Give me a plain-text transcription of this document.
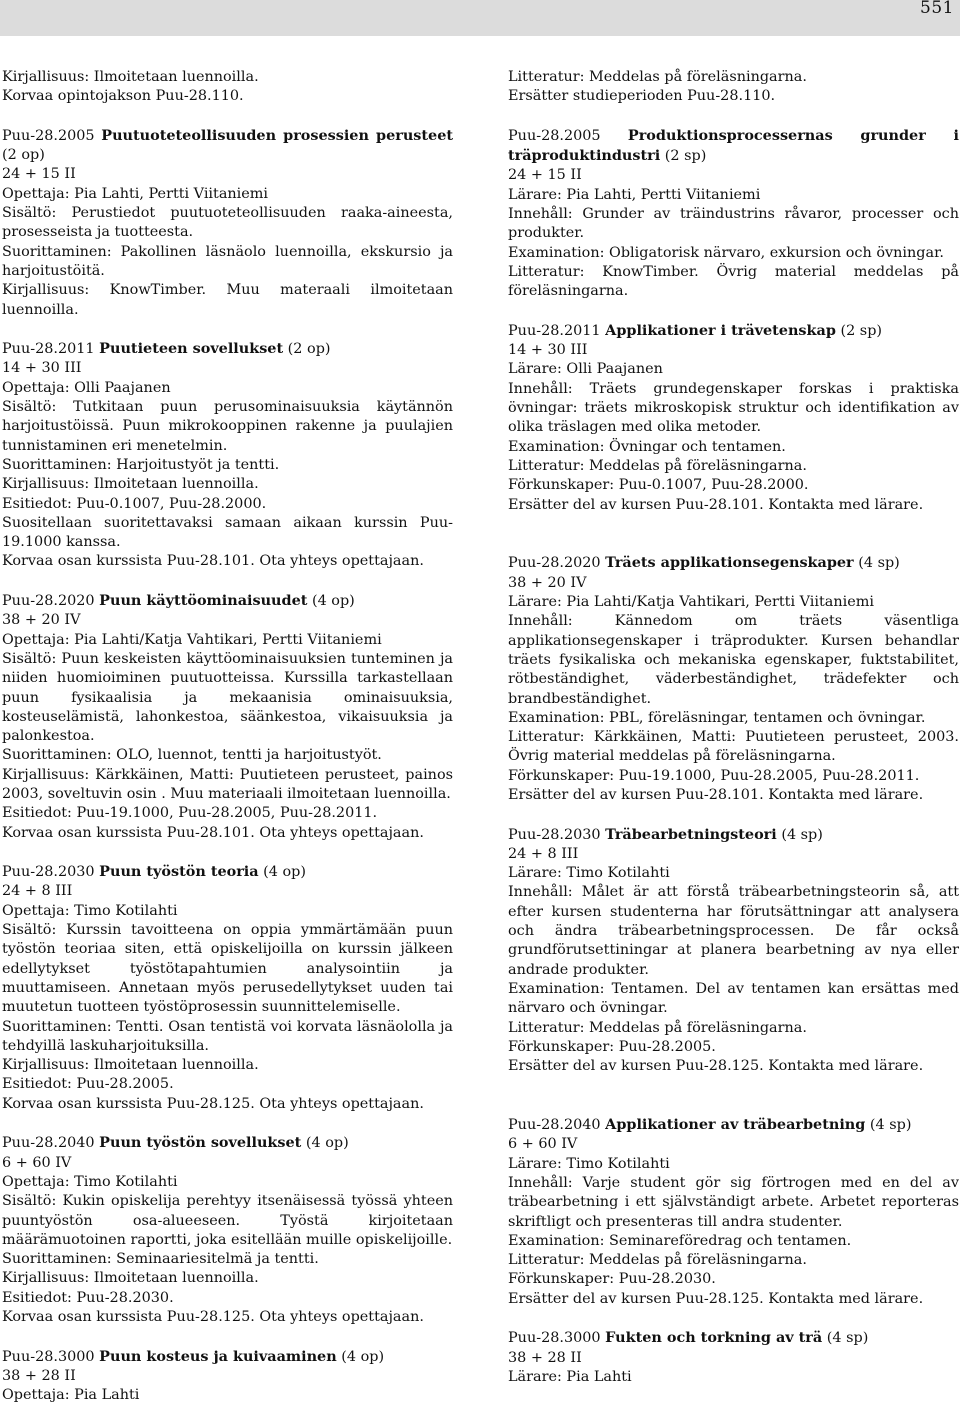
551
Kirjallisuus: Ilmoitetaan luennoilla.
Korvaa opintojakson Puu-28.110.
Puu-28.2005 Puutuoteteollisuuden prosessien perusteet (2 op)
24 + 15 II
Opettaja: Pia Lahti, Pertti Viitaniemi
Sisältö: Perustiedot puutuoteteollisuuden raaka-aineesta, prosesseista ja tuotteesta.
Suorittaminen: Pakollinen läsnäolo luennoilla, ekskursio ja harjoitustöitä.
Kirjallisuus: KnowTimber. Muu materaali ilmoitetaan luennoilla.
Puu-28.2011 Puutieteen sovellukset (2 op)
14 + 30 III
Opettaja: Olli Paajanen
Sisältö: Tutkitaan puun perusominaisuuksia käytännön harjoitustöissä. Puun mikrokooppinen rakenne ja puulajien tunnistaminen eri menetelmin.
Suorittaminen: Harjoitustyöt ja tentti.
Kirjallisuus: Ilmoitetaan luennoilla.
Esitiedot: Puu-0.1007, Puu-28.2000.
Suositellaan suoritettavaksi samaan aikaan kurssin Puu-19.1000 kanssa.
Korvaa osan kurssista Puu-28.101. Ota yhteys opettajaan.
Puu-28.2020 Puun käyttöominaisuudet (4 op)
38 + 20 IV
Opettaja: Pia Lahti/Katja Vahtikari, Pertti Viitaniemi
Sisältö: Puun keskeisten käyttöominaisuuksien tunteminen ja niiden huomioiminen puutuotteissa. Kurssilla tarkastellaan puun fysikaalisia ja mekaanisia ominaisuuksia, kosteuselämistä, lahonkestoa, säänkestoa, vikaisuuksia ja palonkestoa.
Suorittaminen: OLO, luennot, tentti ja harjoitustyöt.
Kirjallisuus: Kärkkäinen, Matti: Puutieteen perusteet, painos 2003, soveltuvin osin . Muu materiaali ilmoitetaan luennoilla.
Esitiedot: Puu-19.1000, Puu-28.2005, Puu-28.2011.
Korvaa osan kurssista Puu-28.101. Ota yhteys opettajaan.
Puu-28.2030 Puun työstön teoria (4 op)
24 + 8 III
Opettaja: Timo Kotilahti
Sisältö: Kurssin tavoitteena on oppia ymmärtämään puun työstön teoriaa siten, että opiskelijoilla on kurssin jälkeen edellytykset työstötapahtumien analysointiin ja muuttamiseen. Annetaan myös perusedellytykset uuden tai muutetun tuotteen työstöprosessin suunnittelemiselle.
Suorittaminen: Tentti. Osan tentistä voi korvata läsnäololla ja tehdyillä laskuharjoituksilla.
Kirjallisuus: Ilmoitetaan luennoilla.
Esitiedot: Puu-28.2005.
Korvaa osan kurssista Puu-28.125. Ota yhteys opettajaan.
Puu-28.2040 Puun työstön sovellukset (4 op)
6 + 60 IV
Opettaja: Timo Kotilahti
Sisältö: Kukin opiskelija perehtyy itsenäisessä työssä yhteen puuntyöstön osa-alueeseen. Työstä kirjoitetaan määrämuotoinen raportti, joka esitellään muille opiskelijoille.
Suorittaminen: Seminaariesitelmä ja tentti.
Kirjallisuus: Ilmoitetaan luennoilla.
Esitiedot: Puu-28.2030.
Korvaa osan kurssista Puu-28.125. Ota yhteys opettajaan.
Puu-28.3000 Puun kosteus ja kuivaaminen (4 op)
38 + 28 II
Opettaja: Pia Lahti
Litteratur: Meddelas på föreläsningarna.
Ersätter studieperioden Puu-28.110.
Puu-28.2005 Produktionsprocessernas grunder i träproduktindustri (2 sp)
24 + 15 II
Lärare: Pia Lahti, Pertti Viitaniemi
Innehåll: Grunder av träindustrins råvaror, processer och produkter.
Examination: Obligatorisk närvaro, exkursion och övningar.
Litteratur: KnowTimber. Övrig material meddelas på föreläsningarna.
Puu-28.2011 Applikationer i trävetenskap (2 sp)
14 + 30 III
Lärare: Olli Paajanen
Innehåll: Träets grundegenskaper forskas i praktiska övningar: träets mikroskopisk struktur och identifikation av olika träslagen med olika metoder.
Examination: Övningar och tentamen.
Litteratur: Meddelas på föreläsningarna.
Förkunskaper: Puu-0.1007, Puu-28.2000.
Ersätter del av kursen Puu-28.101. Kontakta med lärare.
Puu-28.2020 Träets applikationsegenskaper (4 sp)
38 + 20 IV
Lärare: Pia Lahti/Katja Vahtikari, Pertti Viitaniemi
Innehåll: Kännedom om träets väsentliga applikationsegenskaper i träprodukter. Kursen behandlar träets fysikaliska och mekaniska egenskaper, fuktstabilitet, rötbeständighet, väderbeständighet, trädefekter och brandbeständighet.
Examination: PBL, föreläsningar, tentamen och övningar.
Litteratur: Kärkkäinen, Matti: Puutieteen perusteet, 2003. Övrig material meddelas på föreläsningarna.
Förkunskaper: Puu-19.1000, Puu-28.2005, Puu-28.2011.
Ersätter del av kursen Puu-28.101. Kontakta med lärare.
Puu-28.2030 Träbearbetningsteori (4 sp)
24 + 8 III
Lärare: Timo Kotilahti
Innehåll: Målet är att förstå träbearbetningsteorin så, att efter kursen studenterna har förutsättningar att analysera och ändra träbearbetningsprocessen. De får också grundförutsettiningar at planera bearbetning av nya eller andrade produkter.
Examination: Tentamen. Del av tentamen kan ersättas med närvaro och övningar.
Litteratur: Meddelas på föreläsningarna.
Förkunskaper: Puu-28.2005.
Ersätter del av kursen Puu-28.125. Kontakta med lärare.
Puu-28.2040 Applikationer av träbearbetning (4 sp)
6 + 60 IV
Lärare: Timo Kotilahti
Innehåll: Varje student gör sig förtrogen med en del av träbearbetning i ett självständigt arbete. Arbetet reporteras skriftligt och presenteras till andra studenter.
Examination: Seminareföredrag och tentamen.
Litteratur: Meddelas på föreläsningarna.
Förkunskaper: Puu-28.2030.
Ersätter del av kursen Puu-28.125. Kontakta med lärare.
Puu-28.3000 Fukten och torkning av trä (4 sp)
38 + 28 II
Lärare: Pia Lahti
